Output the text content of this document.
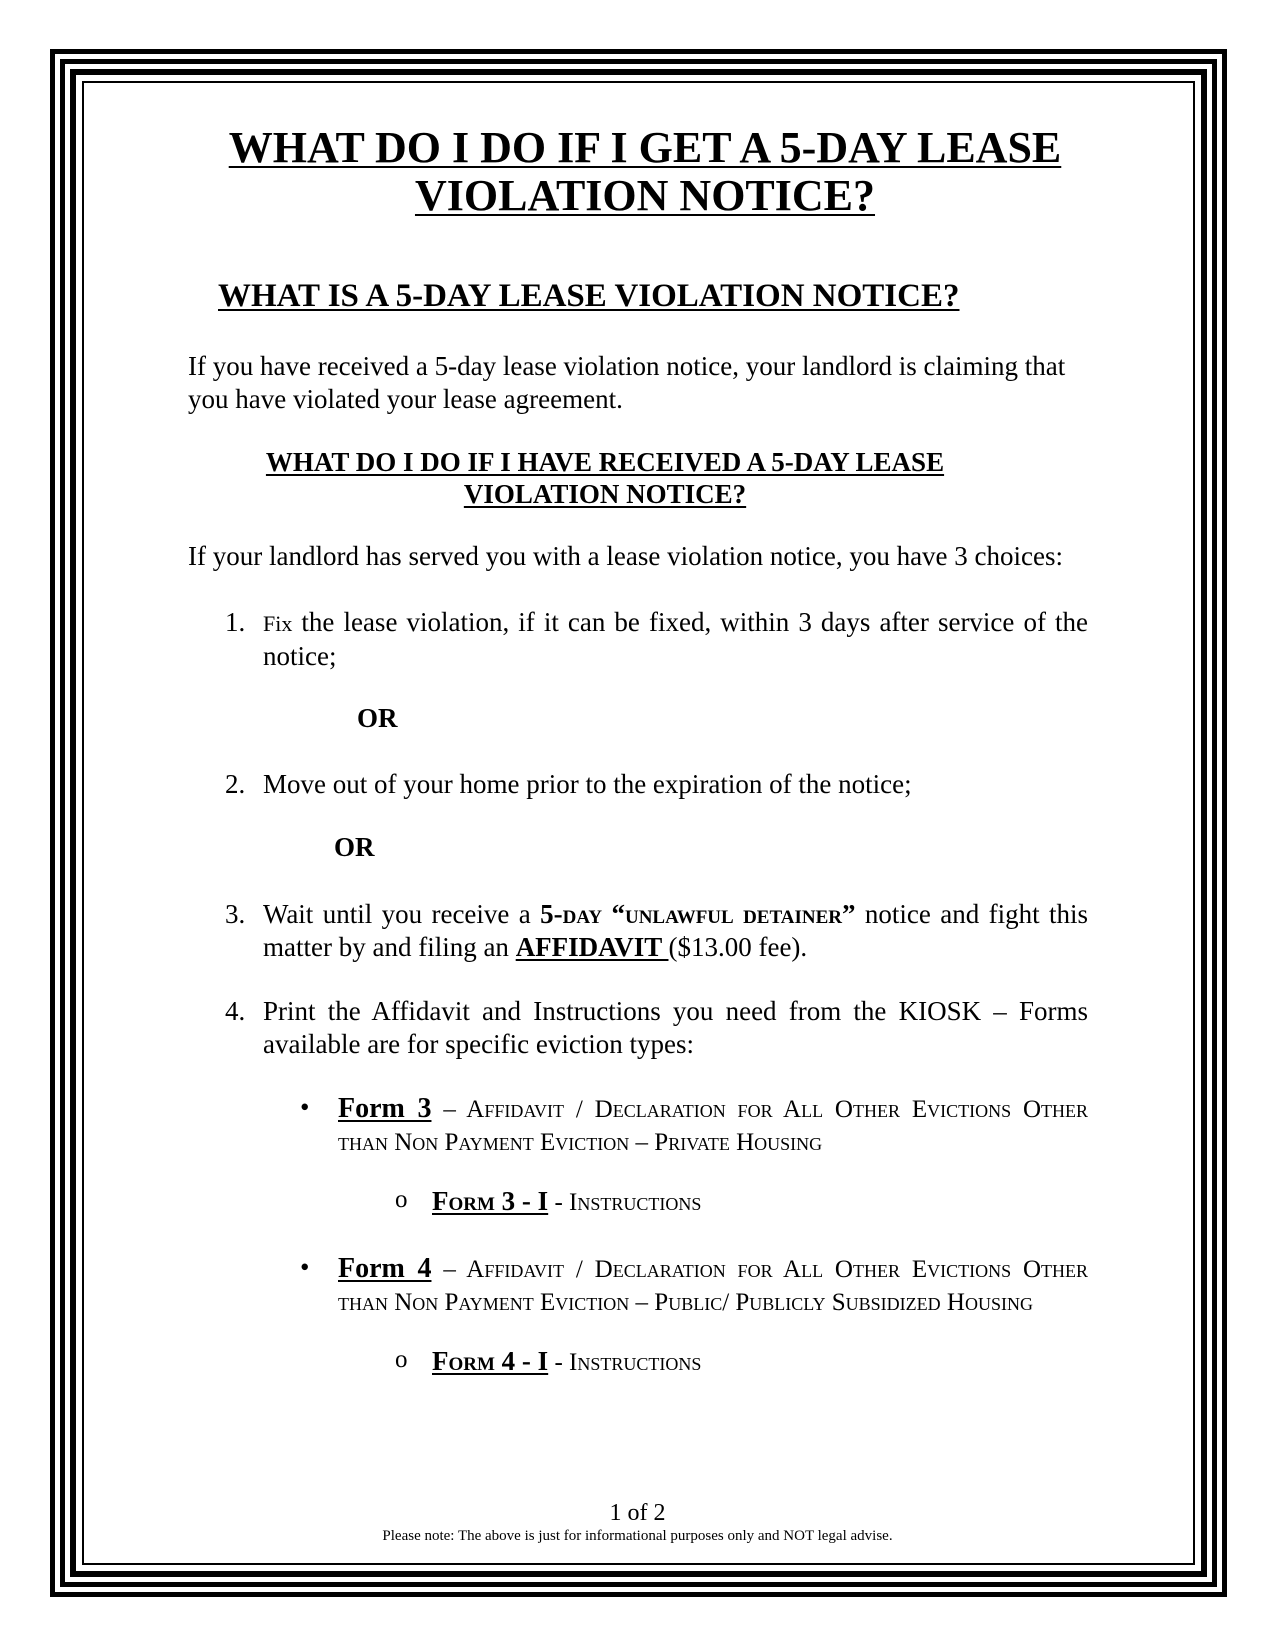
WHAT DO I DO IF I GET A 5-DAY LEASE
VIOLATION NOTICE?
WHAT IS A 5-DAY LEASE VIOLATION NOTICE?
If you have received a 5-day lease violation notice, your landlord is claiming that you have violated your lease agreement.
WHAT DO I DO IF I HAVE RECEIVED A 5-DAY LEASE
VIOLATION NOTICE?
If your landlord has served you with a lease violation notice, you have 3 choices:
1. Fix the lease violation, if it can be fixed, within 3 days after service of the notice;
OR
2. Move out of your home prior to the expiration of the notice;
OR
3. Wait until you receive a 5-day “unlawful detainer” notice and fight this matter by and filing an AFFIDAVIT ($13.00 fee).
4. Print the Affidavit and Instructions you need from the KIOSK – Forms available are for specific eviction types:
• Form 3 – Affidavit / Declaration for All Other Evictions Other than Non Payment Eviction – Private Housing
o Form 3 - I - Instructions
• Form 4 – Affidavit / Declaration for All Other Evictions Other than Non Payment Eviction – Public/ Publicly Subsidized Housing
o Form 4 - I - Instructions
1 of 2
Please note: The above is just for informational purposes only and NOT legal advise.
